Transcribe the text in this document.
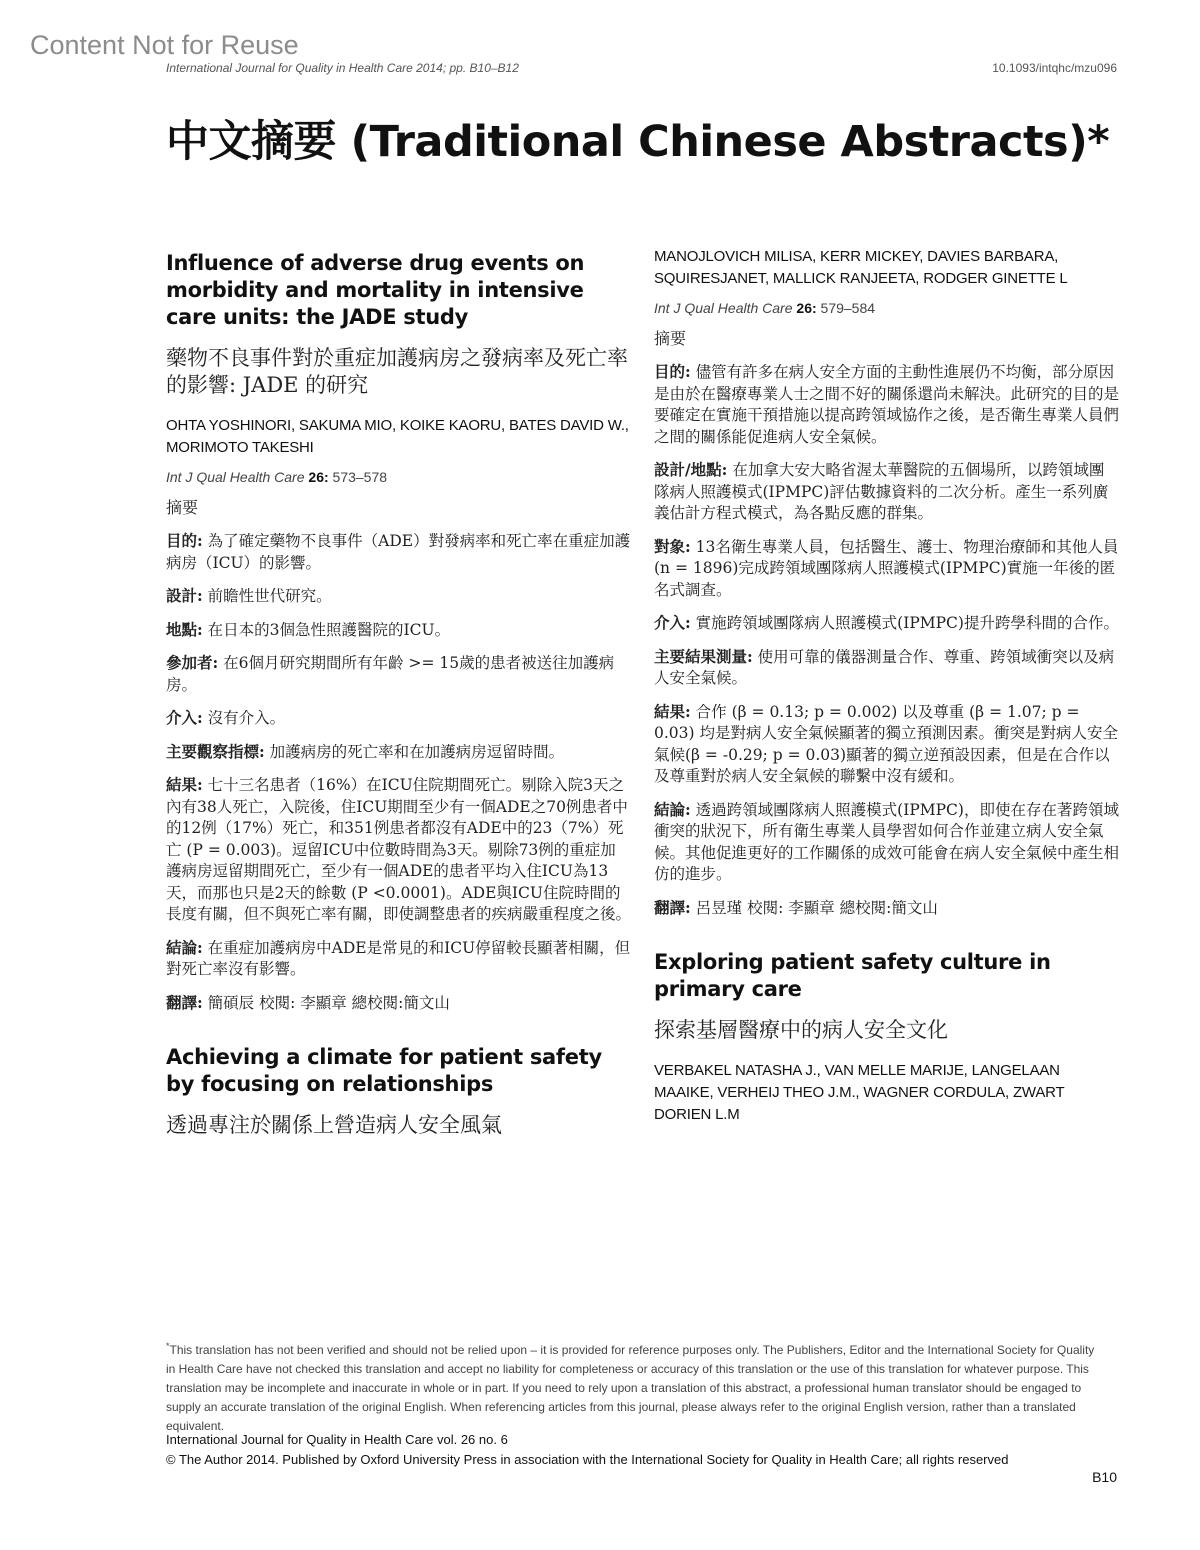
Content Not for Reuse
International Journal for Quality in Health Care 2014; pp. B10–B12	10.1093/intqhc/mzu096
中文摘要 (Traditional Chinese Abstracts)*
Influence of adverse drug events on morbidity and mortality in intensive care units: the JADE study
藥物不良事件對於重症加護病房之發病率及死亡率的影響: JADE 的研究
OHTA YOSHINORI, SAKUMA MIO, KOIKE KAORU, BATES DAVID W., MORIMOTO TAKESHI
Int J Qual Health Care 26: 573–578
摘要

目的: 為了確定藥物不良事件（ADE）對發病率和死亡率在重症加護病房（ICU）的影響。

設計: 前瞻性世代研究。

地點: 在日本的3個急性照護醫院的ICU。

參加者: 在6個月研究期間所有年齡 >= 15歲的患者被送往加護病房。

介入: 沒有介入。

主要觀察指標: 加護病房的死亡率和在加護病房逗留時間。

結果: 七十三名患者（16%）在ICU住院期間死亡。剔除入院3天之內有38人死亡，入院後，住ICU期間至少有一個ADE之70例患者中的12例（17%）死亡，和351例患者都沒有ADE中的23（7%）死亡 (P = 0.003)。逗留ICU中位數時間為3天。剔除73例的重症加護病房逗留期間死亡，至少有一個ADE的患者平均入住ICU為13天，而那也只是2天的餘數 (P <0.0001)。ADE與ICU住院時間的長度有關，但不與死亡率有關，即使調整患者的疾病嚴重程度之後。

結論: 在重症加護病房中ADE是常見的和ICU停留較長顯著相關，但對死亡率沒有影響。

翻譯: 簡碩辰 校閱: 李顯章 總校閱:簡文山

Achieving a climate for patient safety by focusing on relationships
透過專注於關係上營造病人安全風氣
MANOJLOVICH MILISA, KERR MICKEY, DAVIES BARBARA, SQUIRESJANET, MALLICK RANJEETA, RODGER GINETTE L
Int J Qual Health Care 26: 579–584
摘要

目的: 儘管有許多在病人安全方面的主動性進展仍不均衡，部分原因是由於在醫療專業人士之間不好的關係還尚未解決。此研究的目的是要確定在實施干預措施以提高跨領域協作之後，是否衛生專業人員們之間的關係能促進病人安全氣候。

設計/地點: 在加拿大安大略省渥太華醫院的五個場所，以跨領域團隊病人照護模式(IPMPC)評估數據資料的二次分析。產生一系列廣義估計方程式模式，為各點反應的群集。

對象: 13名衛生專業人員，包括醫生、護士、物理治療師和其他人員(n = 1896)完成跨領域團隊病人照護模式(IPMPC)實施一年後的匿名式調查。

介入: 實施跨領域團隊病人照護模式(IPMPC)提升跨學科間的合作。

主要結果測量: 使用可靠的儀器測量合作、尊重、跨領域衝突以及病人安全氣候。

結果: 合作 (β = 0.13; p = 0.002) 以及尊重 (β = 1.07; p = 0.03) 均是對病人安全氣候顯著的獨立預測因素。衝突是對病人安全氣候(β = -0.29; p = 0.03)顯著的獨立逆預設因素，但是在合作以及尊重對於病人安全氣候的聯繫中沒有緩和。

結論: 透過跨領域團隊病人照護模式(IPMPC)，即使在存在著跨領域衝突的狀況下，所有衛生專業人員學習如何合作並建立病人安全氣候。其他促進更好的工作關係的成效可能會在病人安全氣候中產生相仿的進步。

翻譯: 呂昱瑾 校閱: 李顯章 總校閱:簡文山

Exploring patient safety culture in primary care
探索基層醫療中的病人安全文化
VERBAKEL NATASHA J., VAN MELLE MARIJE, LANGELAAN MAAIKE, VERHEIJ THEO J.M., WAGNER CORDULA, ZWART DORIEN L.M

*This translation has not been verified and should not be relied upon – it is provided for reference purposes only. The Publishers, Editor and the International Society for Quality in Health Care have not checked this translation and accept no liability for completeness or accuracy of this translation or the use of this translation for whatever purpose. This translation may be incomplete and inaccurate in whole or in part. If you need to rely upon a translation of this abstract, a professional human translator should be engaged to supply an accurate translation of the original English. When referencing articles from this journal, please always refer to the original English version, rather than a translated equivalent.

International Journal for Quality in Health Care vol. 26 no. 6
© The Author 2014. Published by Oxford University Press in association with the International Society for Quality in Health Care; all rights reserved
B10
